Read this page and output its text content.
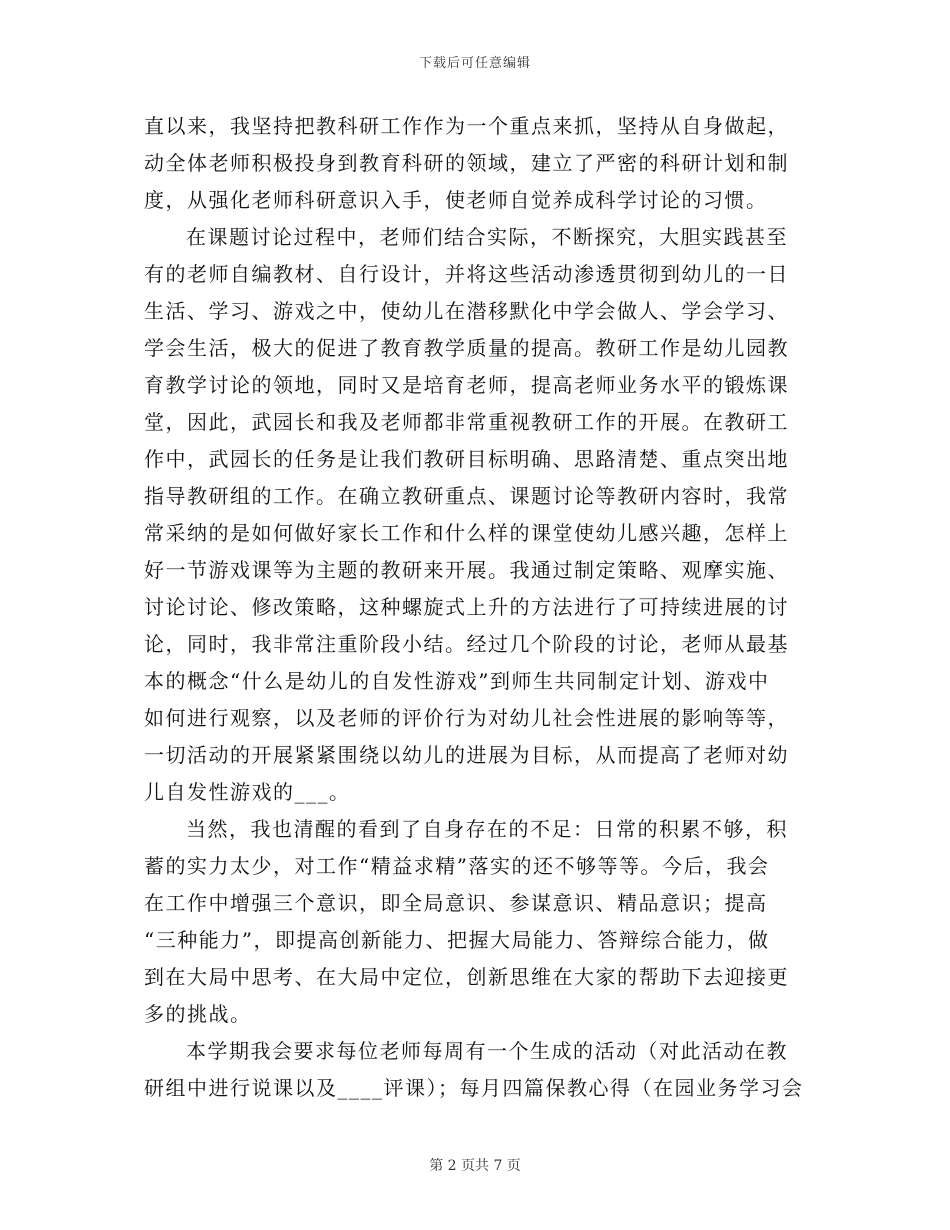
下载后可任意编辑
直以来，我坚持把教科研工作作为一个重点来抓，坚持从自身做起，
动全体老师积极投身到教育科研的领域，建立了严密的科研计划和制
度，从强化老师科研意识入手，使老师自觉养成科学讨论的习惯。
在课题讨论过程中，老师们结合实际，不断探究，大胆实践甚至
有的老师自编教材、自行设计，并将这些活动渗透贯彻到幼儿的一日
生活、学习、游戏之中，使幼儿在潜移默化中学会做人、学会学习、
学会生活，极大的促进了教育教学质量的提高。教研工作是幼儿园教
育教学讨论的领地，同时又是培育老师，提高老师业务水平的锻炼课
堂，因此，武园长和我及老师都非常重视教研工作的开展。在教研工
作中，武园长的任务是让我们教研目标明确、思路清楚、重点突出地
指导教研组的工作。在确立教研重点、课题讨论等教研内容时，我常
常采纳的是如何做好家长工作和什么样的课堂使幼儿感兴趣，怎样上
好一节游戏课等为主题的教研来开展。我通过制定策略、观摩实施、
讨论讨论、修改策略，这种螺旋式上升的方法进行了可持续进展的讨
论，同时，我非常注重阶段小结。经过几个阶段的讨论，老师从最基
本的概念“什么是幼儿的自发性游戏”到师生共同制定计划、游戏中
如何进行观察，以及老师的评价行为对幼儿社会性进展的影响等等，
一切活动的开展紧紧围绕以幼儿的进展为目标，从而提高了老师对幼
儿自发性游戏的___。
当然，我也清醒的看到了自身存在的不足：日常的积累不够，积
蓄的实力太少，对工作“精益求精”落实的还不够等等。今后，我会
在工作中增强三个意识，即全局意识、参谋意识、精品意识；提高
“三种能力”，即提高创新能力、把握大局能力、答辩综合能力，做
到在大局中思考、在大局中定位，创新思维在大家的帮助下去迎接更
多的挑战。
本学期我会要求每位老师每周有一个生成的活动（对此活动在教
研组中进行说课以及____评课）；每月四篇保教心得（在园业务学习会
第 2 页共 7 页
